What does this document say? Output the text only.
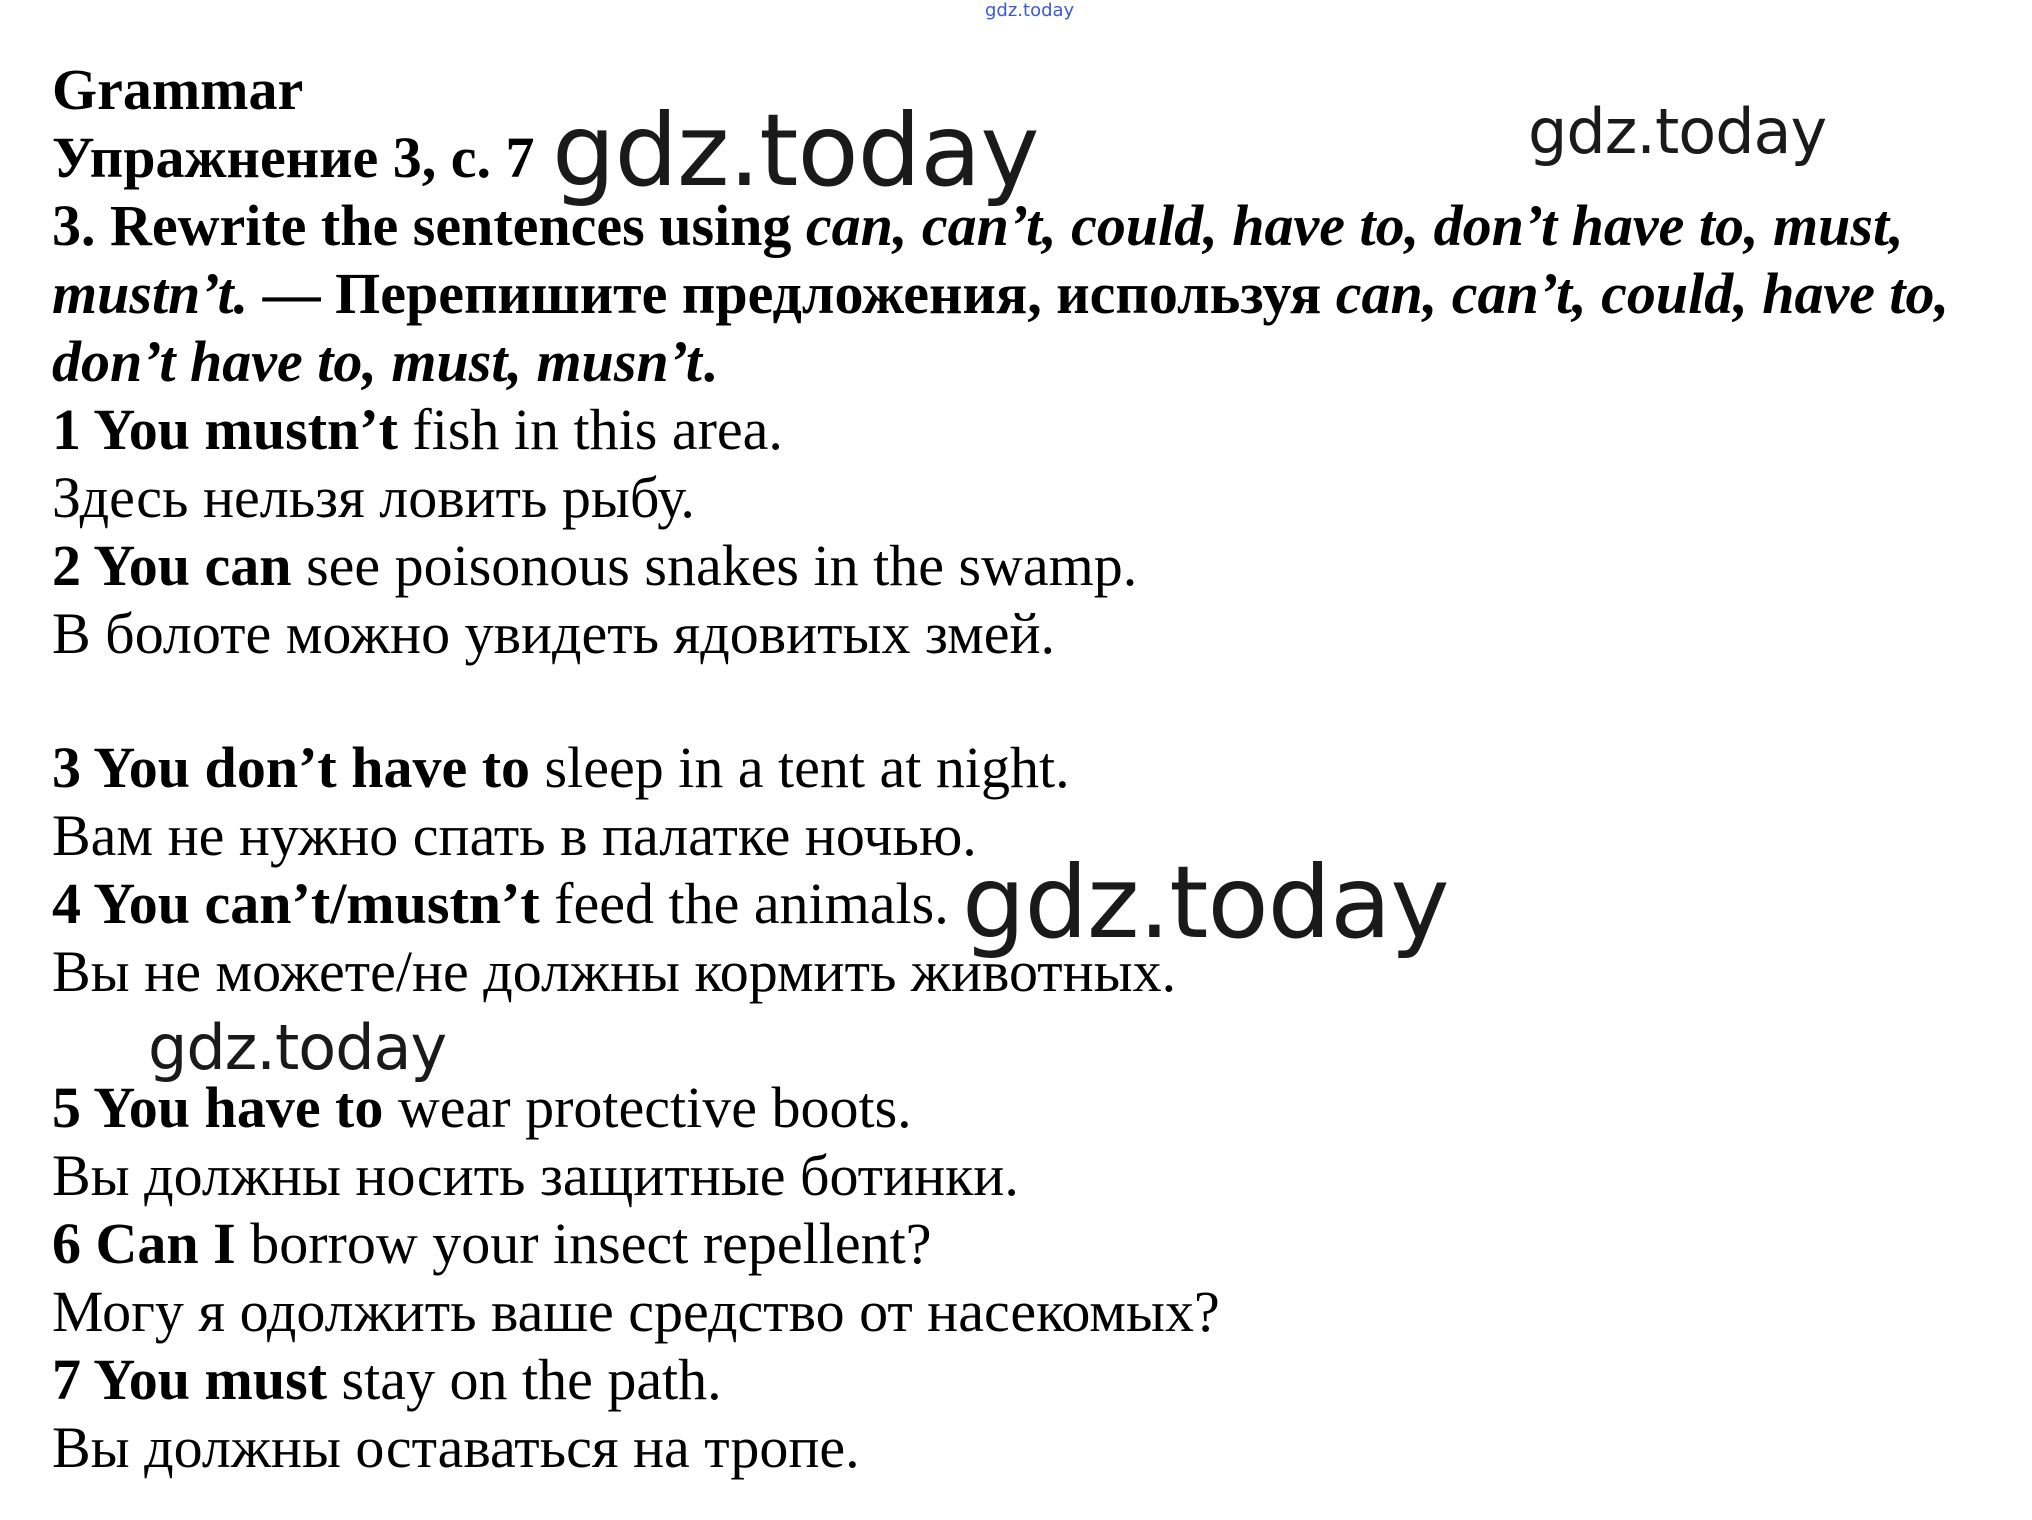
gdz.today
Grammar
Упражнение 3, с. 7
3. Rewrite the sentences using can, can’t, could, have to, don’t have to, must,
mustn’t. — Перепишите предложения, используя can, can’t, could, have to,
don’t have to, must, musn’t.
1 You mustn’t fish in this area.
Здесь нельзя ловить рыбу.
2 You can see poisonous snakes in the swamp.
В болоте можно увидеть ядовитых змей.
3 You don’t have to sleep in a tent at night.
Вам не нужно спать в палатке ночью.
4 You can’t/mustn’t feed the animals.
Вы не можете/не должны кормить животных.
5 You have to wear protective boots.
Вы должны носить защитные ботинки.
6 Can I borrow your insect repellent?
Могу я одолжить ваше средство от насекомых?
7 You must stay on the path.
Вы должны оставаться на тропе.
gdz.today	gdz.today
gdz.today
gdz.today
